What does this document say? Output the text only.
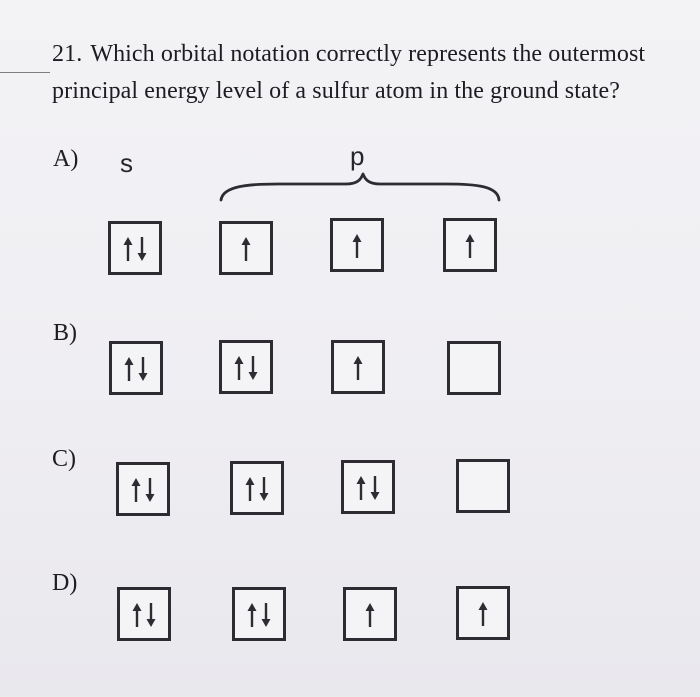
21. Which orbital notation correctly represents the outermost principal energy level of a sulfur atom in the ground state?
A) s	p
B)
C)
D)
